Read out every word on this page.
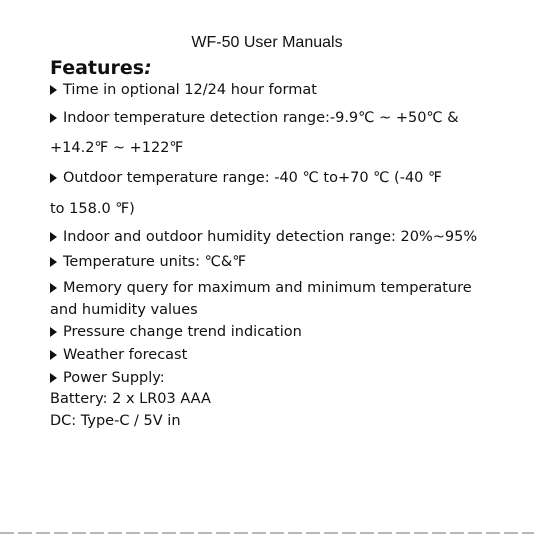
WF-50 User Manuals
Features:
Time in optional 12/24 hour format
Indoor temperature detection range:-9.9℃ ~ +50℃ &
+14.2℉ ~ +122℉
Outdoor temperature range: -40 ℃ to+70 ℃ (-40 ℉
to 158.0 ℉)
Indoor and outdoor humidity detection range: 20%~95%
Temperature units: ℃&℉
Memory query for maximum and minimum temperature
and humidity values
Pressure change trend indication
Weather forecast
Power Supply:
Battery: 2 x LR03 AAA
DC: Type-C / 5V in
